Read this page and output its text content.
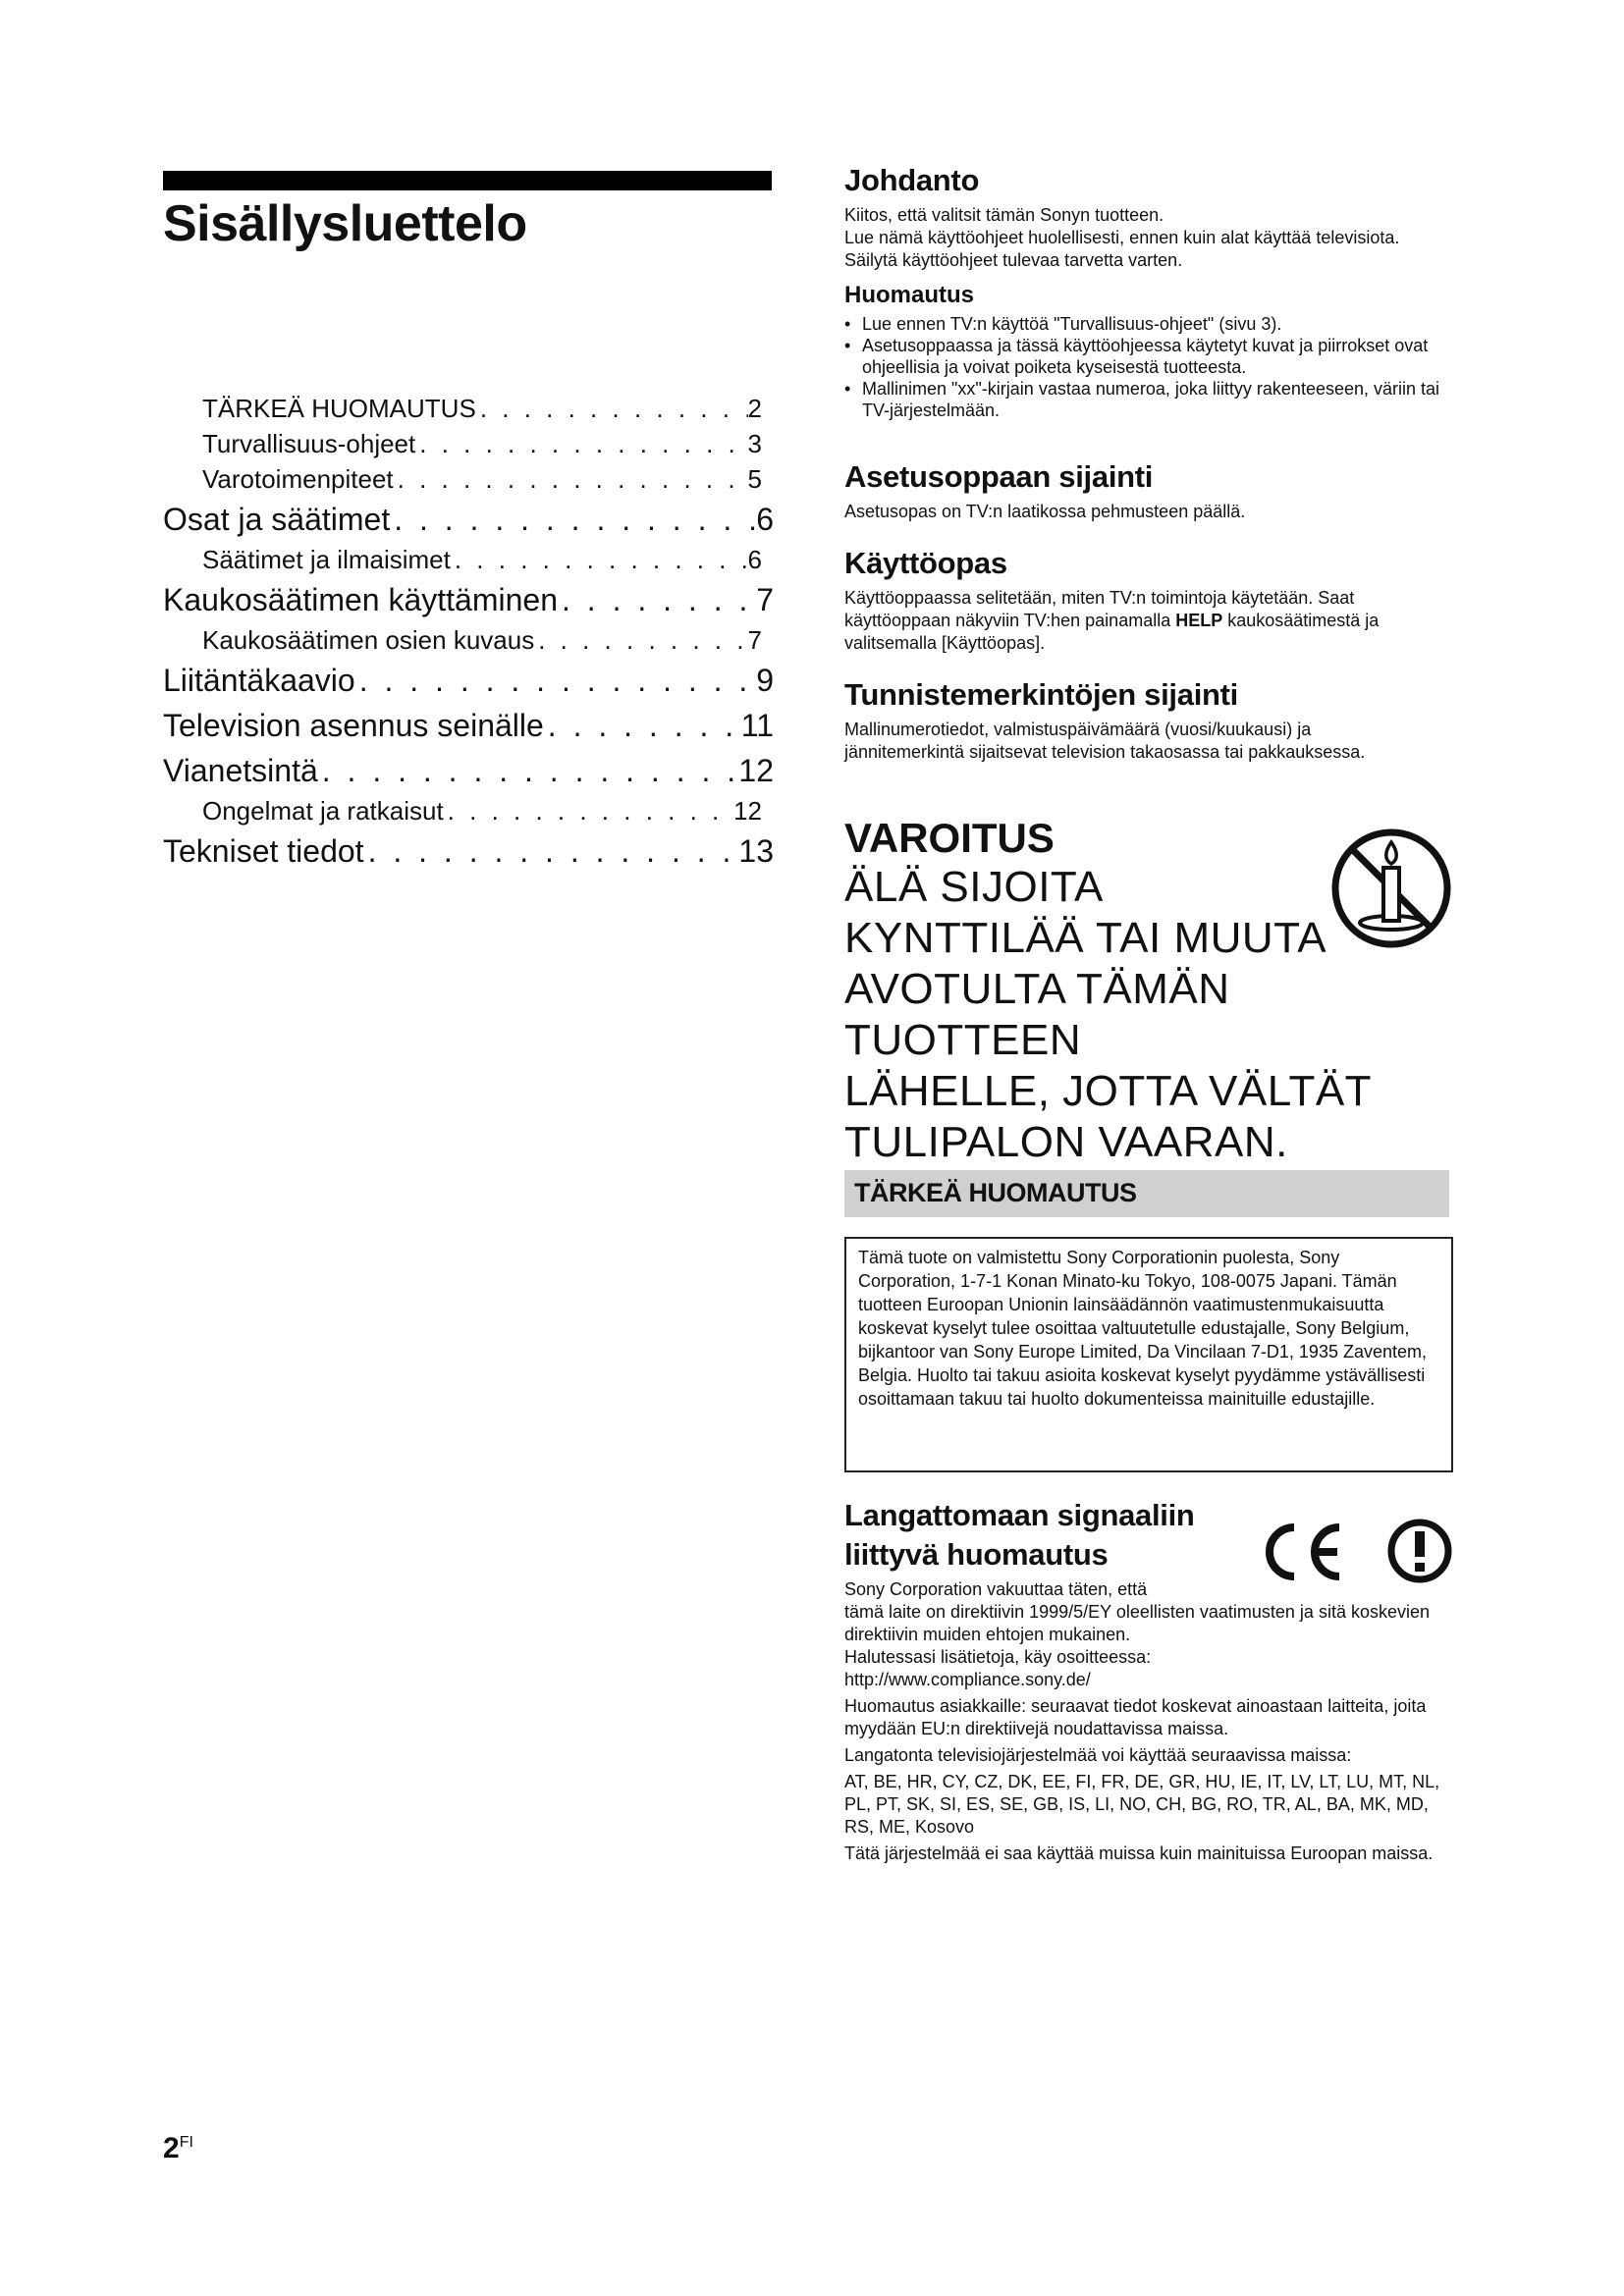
Sisällysluettelo
TÄRKEÄ HUOMAUTUS . . .	2
Turvallisuus-ohjeet . . .	3
Varotoimenpiteet . . .	5
Osat ja säätimet . . .	6
Säätimet ja ilmaisimet . . .	6
Kaukosäätimen käyttäminen . . .	7
Kaukosäätimen osien kuvaus . . .	7
Liitäntäkaavio . . .	9
Television asennus seinälle . . .	11
Vianetsintä . . .	12
Ongelmat ja ratkaisut . . .	12
Tekniset tiedot . . .	13
$2^{FI}$
Johdanto

Kiitos, että valitsit tämän Sonyn tuotteen.

Lue nämä käyttöohjeet huolellisesti, ennen kuin alat käyttää televisiota. Säilytä käyttöohjeet tulevaa tarvetta varten.

Huomautus
• Lue ennen TV:n käyttöä "Turvallisuus-ohjeet" (sivu 3).
• Asetusoppaassa ja tässä käyttöohjeessa käytetyt kuvat ja piirrokset ovat ohjeellisia ja voivat poiketa kyseisestä tuotteesta.
• Mallinimen "xx"-kirjain vastaa numeroa, joka liittyy rakenteeseen, väriin tai TV-järjestelmään.
Asetusoppaan sijainti

Asetusopas on TV:n laatikossa pehmusteen päällä.

Käyttöopas

Käyttöoppaassa selitetään, miten TV:n toimintoja käytetään. Saat käyttöoppaan näkyviin TV:hen painamalla HELP kaukosäätimestä ja valitsemalla [Käyttöopas].

Tunnistemerkintöjen sijainti

Mallinumerotiedot, valmistuspäivämäärä (vuosi/kuukausi) ja jännitemerkintä sijaitsevat television takaosassa tai pakkauksessa.

VAROITUS

ÄLÄ SIJOITA
KYNTTILÄÄ TAI MUUTA
AVOTULTA TÄMÄN TUOTTEEN
LÄHELLE, JOTTA VÄLTÄT
TULIPALON VAARAN.

TÄRKEÄ HUOMAUTUS

Tämä tuote on valmistettu Sony Corporationin puolesta, Sony Corporation, 1-7-1 Konan Minato-ku Tokyo, 108-0075 Japani. Tämän tuotteen Euroopan Unionin lainsäädännön vaatimustenmukaisuutta koskevat kyselyt tulee osoittaa valtuutetulle edustajalle, Sony Belgium, bijkantoor van Sony Europe Limited, Da Vincilaan 7-D1, 1935 Zaventem, Belgia. Huolto tai takuu asioita koskevat kyselyt pyydämme ystävällisesti osoittamaan takuu tai huolto dokumenteissa mainituille edustajille.

Langattomaan signaaliin
liittyvä huomautus

Sony Corporation vakuuttaa täten, että

tämä laite on direktiivin 1999/5/EY oleellisten vaatimusten ja sitä koskevien direktiivin muiden ehtojen mukainen.

Halutessasi lisätietoja, käy osoitteessa:

http://www.compliance.sony.de/

Huomautus asiakkaille: seuraavat tiedot koskevat ainoastaan laitteita, joita myydään EU:n direktiivejä noudattavissa maissa.

Langatonta televisiojärjestelmää voi käyttää seuraavissa maissa:

AT, BE, HR, CY, CZ, DK, EE, FI, FR, DE, GR, HU, IE, IT, LV, LT, LU, MT, NL, PL, PT, SK, SI, ES, SE, GB, IS, LI, NO, CH, BG, RO, TR, AL, BA, MK, MD, RS, ME, Kosovo

Tätä järjestelmää ei saa käyttää muissa kuin mainituissa Euroopan maissa.
